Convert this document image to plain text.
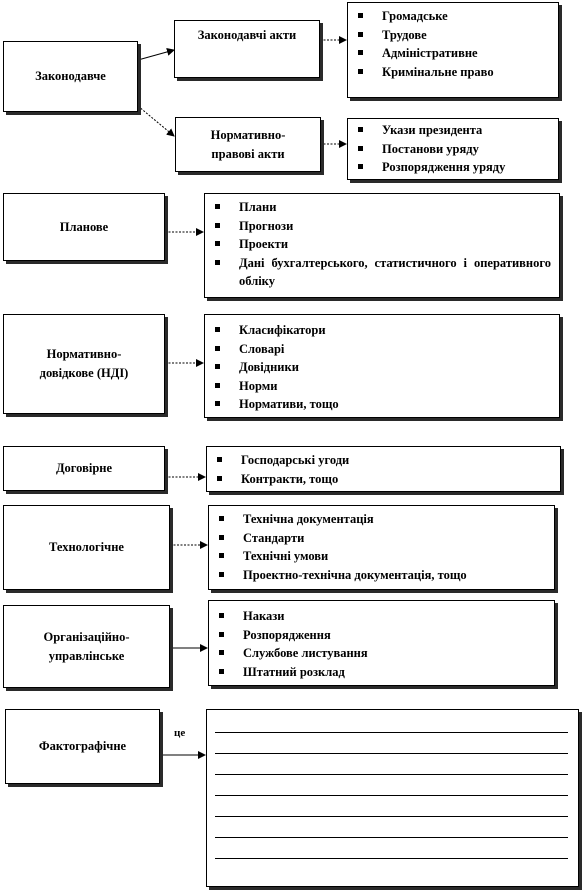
Законодавче
Законодавчі акти
Громадське
Трудове
Адміністративне
Кримінальне право
Нормативно-правові акти
Укази президента
Постанови уряду
Розпорядження уряду
Планове
Плани
Прогнози
Проекти
Дані бухгалтерського, статистичного і оперативного обліку
Нормативно-довідкове (НДІ)
Класифікатори
Словарі
Довідники
Норми
Нормативи, тощо
Договірне
Господарські угоди
Контракти, тощо
Технологічне
Технічна документація
Стандарти
Технічні умови
Проектно-технічна документація, тощо
Організаційно-управлінське
Накази
Розпорядження
Службове листування
Штатний розклад
Фактографічне
це
